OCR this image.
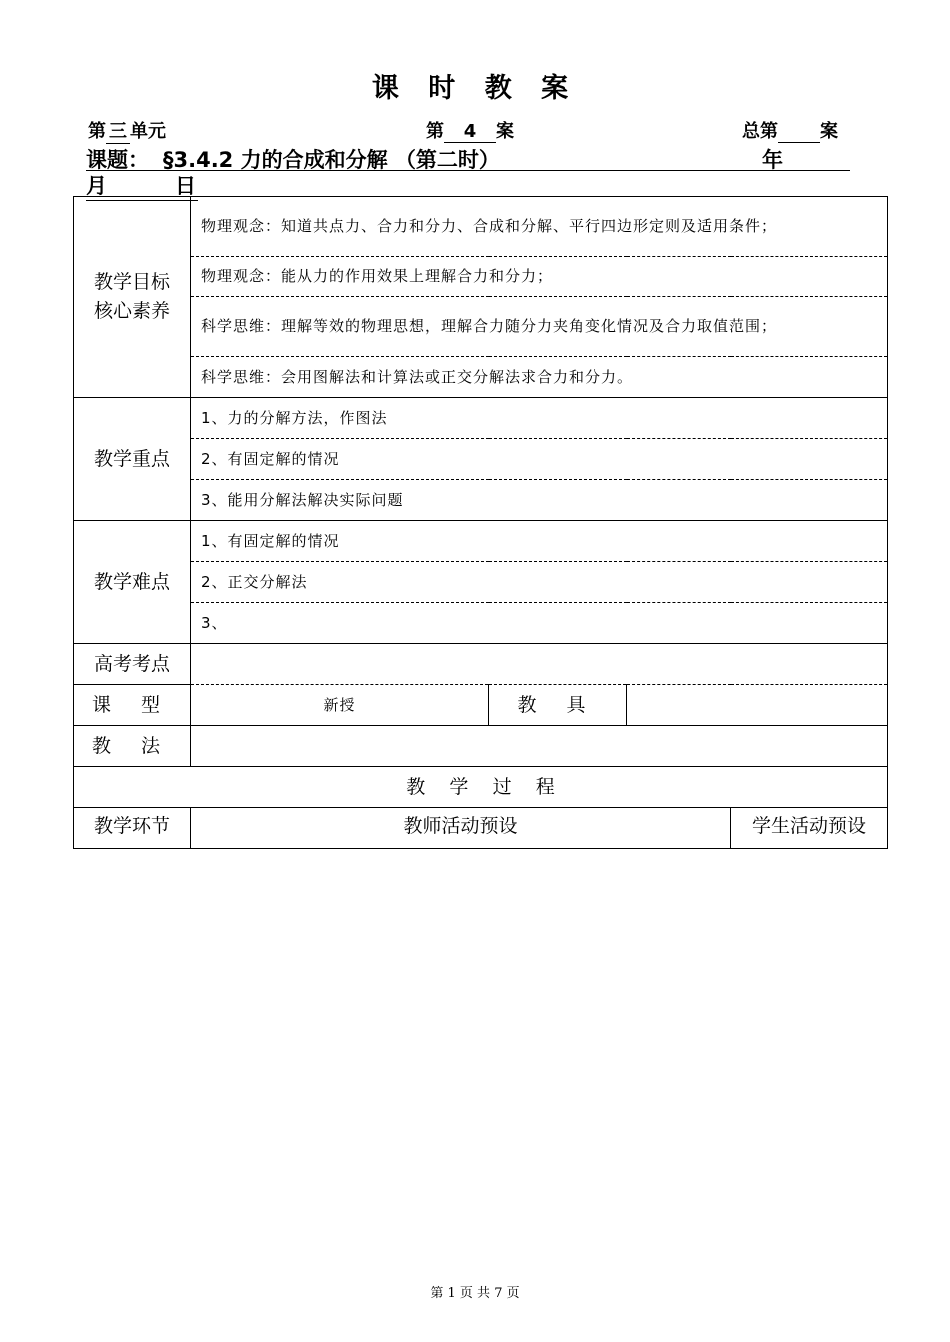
课 时 教 案
第 三 单元	第 4 案	总第 案
课题： §3.4.2 力的合成和分解 （第二时）	年
月	日
教学目标
核心素养	物理观念：知道共点力、合力和分力、合成和分解、平行四边形定则及适用条件；			
	物理观念：能从力的作用效果上理解合力和分力；			
	科学思维：理解等效的物理思想，理解合力随分力夹角变化情况及合力取值范围；			
	科学思维：会用图解法和计算法或正交分解法求合力和分力。			
教学重点	1、力的分解方法，作图法			
	2、有固定解的情况			
	3、能用分解法解决实际问题			
教学难点	1、有固定解的情况			
	2、正交分解法			
	3、			
高考考点				
课 型	新授	教 具		
教 法				
教    学    过    程				
教学环节	教师活动预设			学生活动预设
第 1 页 共 7 页
